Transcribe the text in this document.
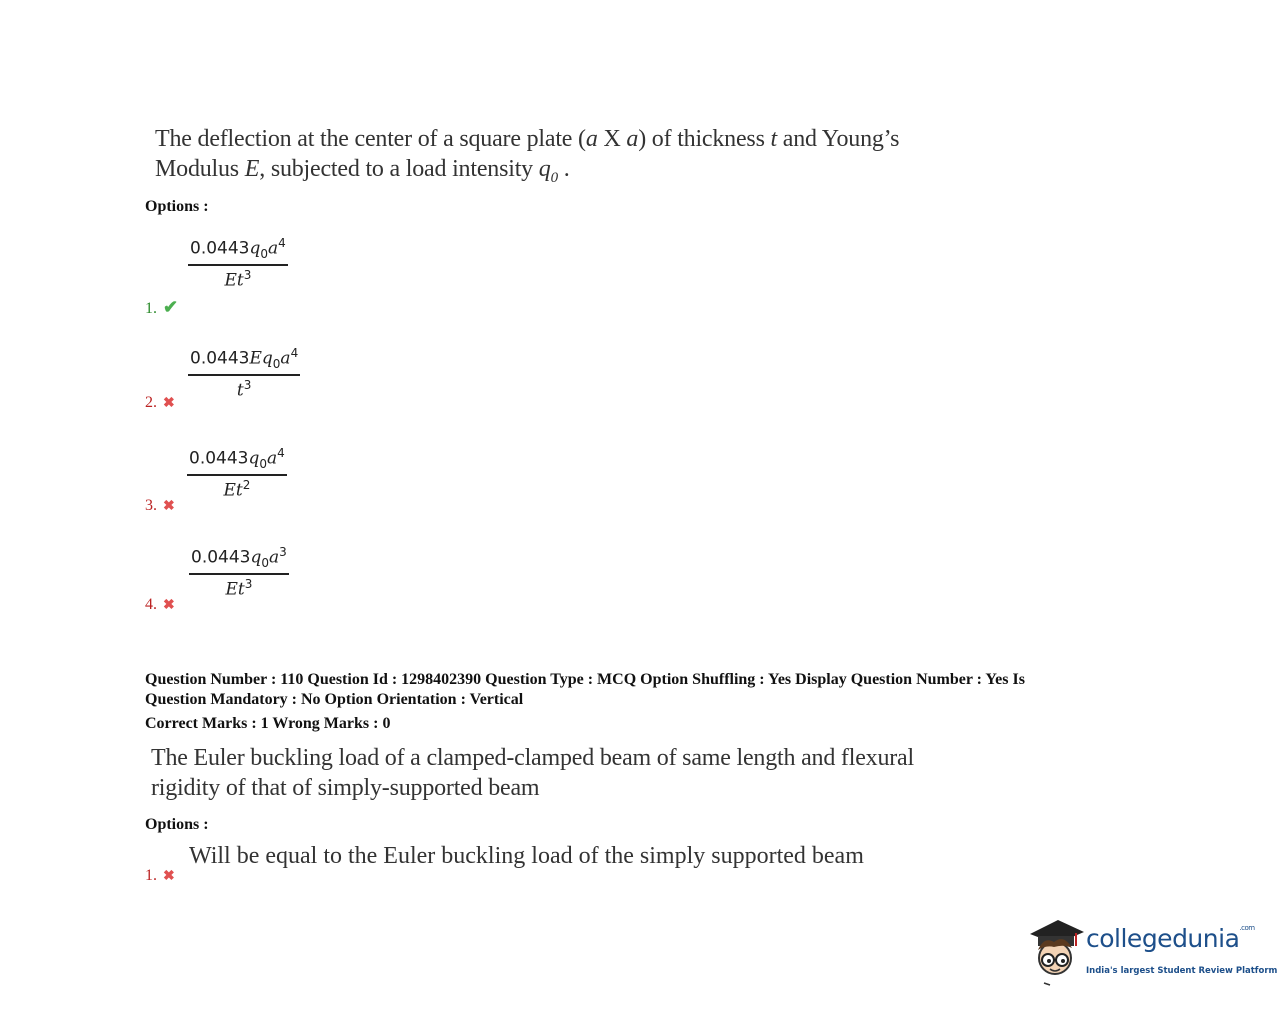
The deflection at the center of a square plate (a X a) of thickness t and Young’s
Modulus E, subjected to a load intensity $q_0$ .
Options :
$\frac{0.0443q_0a^4}{Et^3}$
1. ✔
$\frac{0.0443Eq_0a^4}{t^3}$
2. ✖
$\frac{0.0443q_0a^4}{Et^2}$
3. ✖
$\frac{0.0443q_0a^3}{Et^3}$
4. ✖
Question Number : 110 Question Id : 1298402390 Question Type : MCQ Option Shuffling : Yes Display Question Number : Yes Is
Question Mandatory : No Option Orientation : Vertical
Correct Marks : 1 Wrong Marks : 0
The Euler buckling load of a clamped-clamped beam of same length and flexural
rigidity of that of simply-supported beam
Options :
Will be equal to the Euler buckling load of the simply supported beam
1. ✖
collegedunia$^{.com}$
India's largest Student Review Platform
